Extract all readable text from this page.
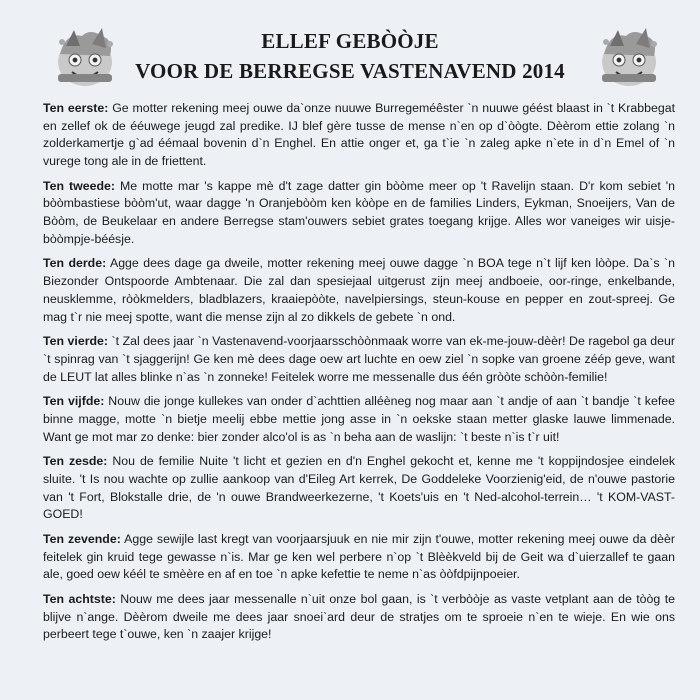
ELLEF GEBÒÒJE
VOOR DE BERREGSE VASTENAVEND 2014

Ten eerste: Ge motter rekening meej ouwe da`onze nuuwe Burregeméêster `n nuuwe géést blaast in `t Krabbegat en zellef ok de ééuwege jeugd zal predike. IJ blef gère tusse de mense n`en op d`òògte. Dèèrom ettie zolang `n zolderkamertje g`ad éémaal bovenin d`n Enghel. En attie onger et, ga t`ie `n zaleg apke n`ete in d`n Emel of `n vurege tong ale in de friettent.

Ten tweede: Me motte mar 's kappe mè d't zage datter gin bòòme meer op 't Ravelijn staan. D'r kom sebiet 'n bòòmbastiese bòòm'ut, waar dagge 'n Oranjebòòm ken kòòpe en de families Linders, Eykman, Snoeijers, Van de Bòòm, de Beukelaar en andere Berregse stam'ouwers sebiet grates toegang krijge. Alles wor vaneiges wir uisje-bòòmpje-béésje.

Ten derde: Agge dees dage ga dweile, motter rekening meej ouwe dagge `n BOA tege n`t lijf ken lòòpe. Da`s `n Biezonder Ontspoorde Ambtenaar. Die zal dan spesiejaal uitgerust zijn meej andboeie, oor-ringe, enkelbande, neusklemme, ròòkmelders, bladblazers, kraaiepòòte, navelpiersings, steun-kouse en pepper en zout-spreej. Ge mag t`r nie meej spotte, want die mense zijn al zo dikkels de gebete `n ond.

Ten vierde: `t Zal dees jaar `n Vastenavend-voorjaarsschòònmaak worre van ek-me-jouw-dèèr! De ragebol ga deur `t spinrag van `t sjaggerijn! Ge ken mè dees dage oew art luchte en oew ziel `n sopke van groene zéép geve, want de LEUT lat alles blinke n`as `n zonneke! Feitelek worre me messenalle dus één gròòte schòòn-femilie!

Ten vijfde: Nouw die jonge kullekes van onder d`achttien alléèneg nog maar aan `t andje of aan `t bandje `t kefee binne magge, motte `n bietje meelij ebbe mettie jong asse in `n oekske staan metter glaske lauwe limmenade. Want ge mot mar zo denke: bier zonder alco'ol is as `n beha aan de waslijn: `t beste n`is t`r uit!

Ten zesde: Nou de femilie Nuite 't licht et gezien en d'n Enghel gekocht et, kenne me 't koppijndosjee eindelek sluite. 't Is nou wachte op zullie aankoop van d'Eileg Art kerrek, De Goddeleke Voorzienig'eid, de n'ouwe pastorie van 't Fort, Blokstalle drie, de 'n ouwe Brandweerkezerne, 't Koets'uis en 't Ned-alcohol-terrein… 't KOM-VAST-GOED!

Ten zevende: Agge sewijle last kregt van voorjaarsjuuk en nie mir zijn t'ouwe, motter rekening meej ouwe da dèèr feitelek gin kruid tege gewasse n`is. Mar ge ken wel perbere n`op `t Blèèkveld bij de Geit wa d`uierzallef te gaan ale, goed oew kéél te smèère en af en toe `n apke kefettie te neme n`as òòfdpijnpoeier.

Ten achtste: Nouw me dees jaar messenalle n`uit onze bol gaan, is `t verbòòje as vaste vetplant aan de tòòg te blijve n`ange. Dèèrom dweile me dees jaar snoei`ard deur de stratjes om te sproeie n`en te wieje. En wie ons perbeert tege t`ouwe, ken `n zaajer krijge!
